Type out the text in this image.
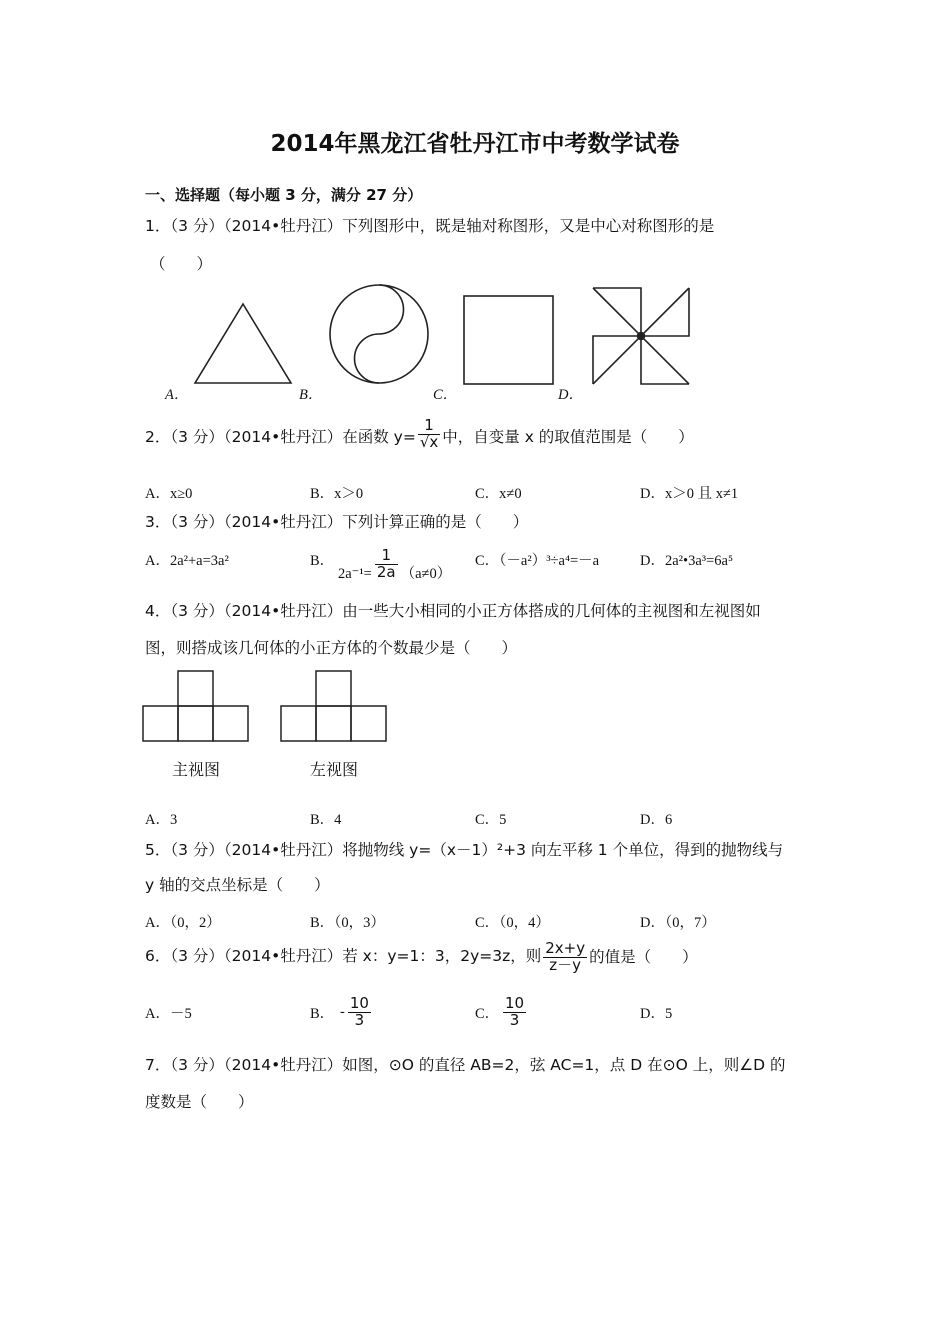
2014年黑龙江省牡丹江市中考数学试卷
一、选择题（每小题 3 分，满分 27 分）
1．（3 分）（2014•牡丹江）下列图形中，既是轴对称图形，又是中心对称图形的是
（　　）
A．	B．	C．	D．
2．（3 分）（2014•牡丹江）在函数 $y= \frac{1}{√x}$ 中，自变量 x 的取值范围是（　　）
A．x≥0	B．x＞0	C．x≠0	D．x＞0 且 x≠1
3．（3 分）（2014•牡丹江）下列计算正确的是（　　）
A．2a²+a=3a²	B．
$2a^{-1}= \frac{1}{2a} (a\ne 0)$
C．（－a²）³÷a⁴=－a	D．2a²•3a³=6a⁵
4．（3 分）（2014•牡丹江）由一些大小相同的小正方体搭成的几何体的主视图和左视图如
图，则搭成该几何体的小正方体的个数最少是（　　）
主视图	左视图
A．3	B．4	C．5	D．6
5．（3 分）（2014•牡丹江）将抛物线 y=（x－1）²+3 向左平移 1 个单位，得到的抛物线与
y 轴的交点坐标是（　　）
A．（0，2）	B．（0，3）	C．（0，4）	D．（0，7）
6．（3 分）（2014•牡丹江）若 x：y=1：3，2y=3z，则 $\frac{2x+y}{z-y}$ 的值是（　　）
A．－5	B． - $\frac{10}{3}$	C． $\frac{10}{3}$	D．5
7．（3 分）（2014•牡丹江）如图，⊙O 的直径 AB=2，弦 AC=1，点 D 在⊙O 上，则∠D 的
度数是（　　）
